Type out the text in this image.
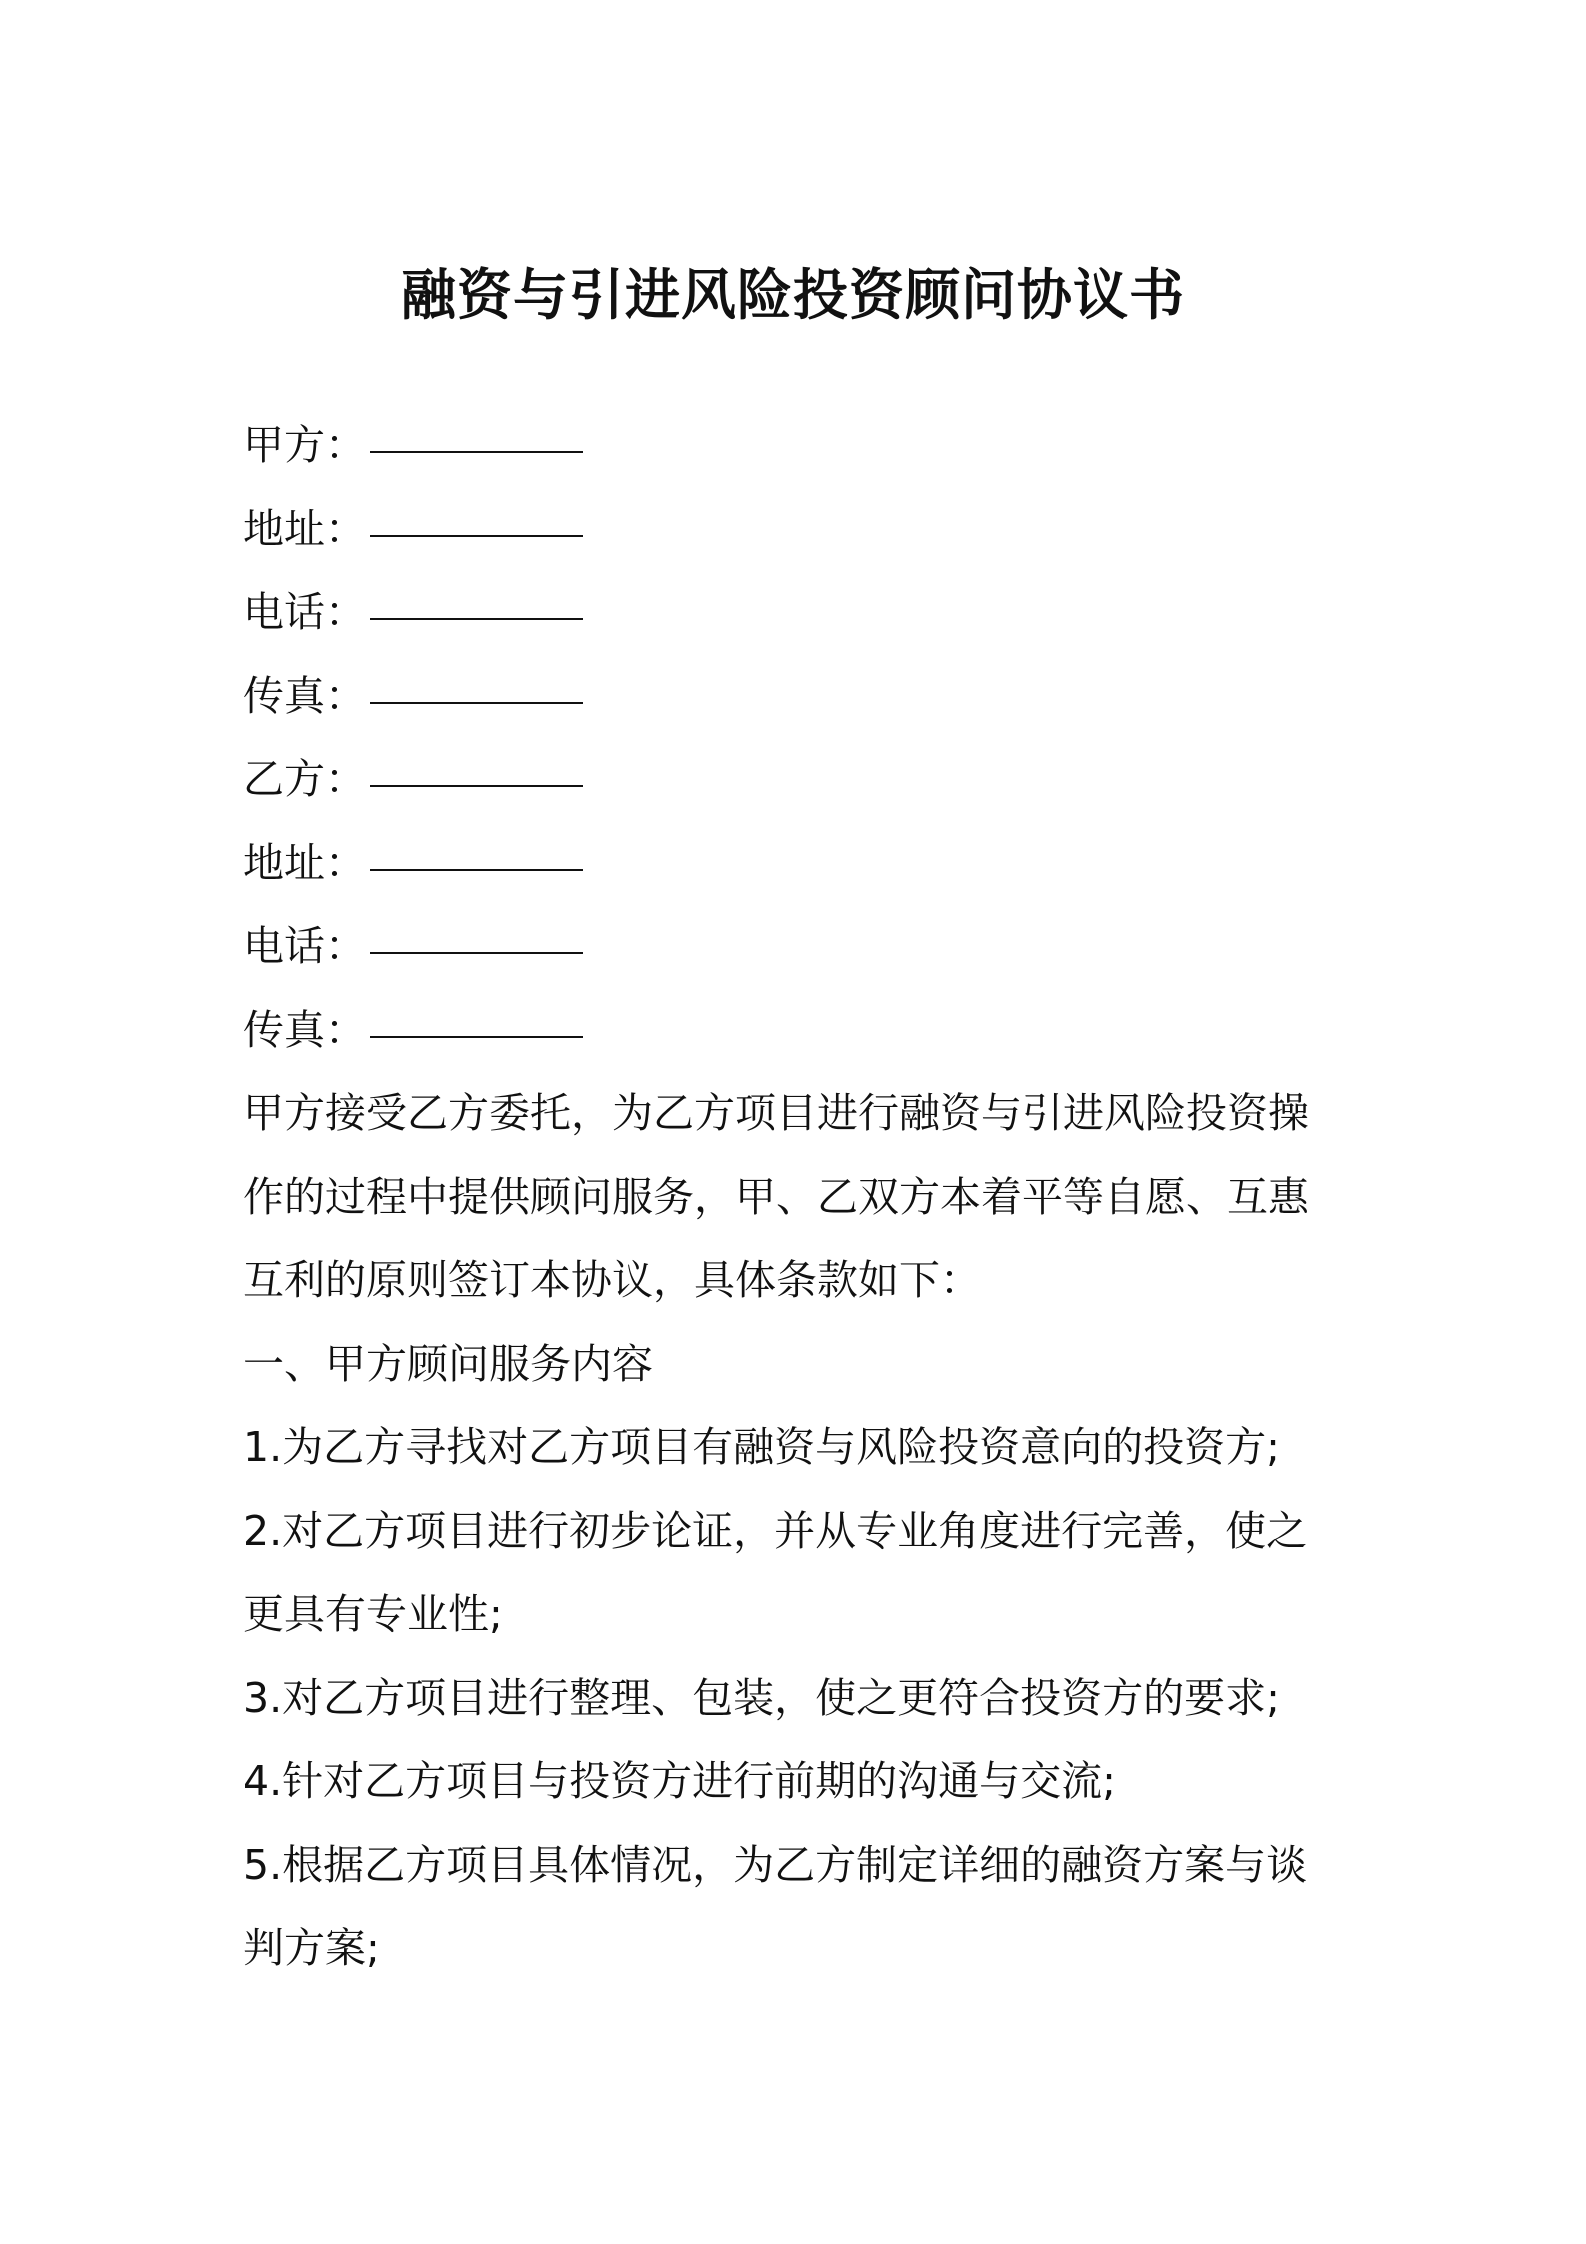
融资与引进风险投资顾问协议书
甲方：
地址：
电话：
传真：
乙方：
地址：
电话：
传真：

甲方接受乙方委托，为乙方项目进行融资与引进风险投资操

作的过程中提供顾问服务，甲、乙双方本着平等自愿、互惠

互利的原则签订本协议，具体条款如下：

一、甲方顾问服务内容

1.为乙方寻找对乙方项目有融资与风险投资意向的投资方;

2.对乙方项目进行初步论证，并从专业角度进行完善，使之

更具有专业性;

3.对乙方项目进行整理、包装，使之更符合投资方的要求;

4.针对乙方项目与投资方进行前期的沟通与交流;

5.根据乙方项目具体情况，为乙方制定详细的融资方案与谈

判方案;
